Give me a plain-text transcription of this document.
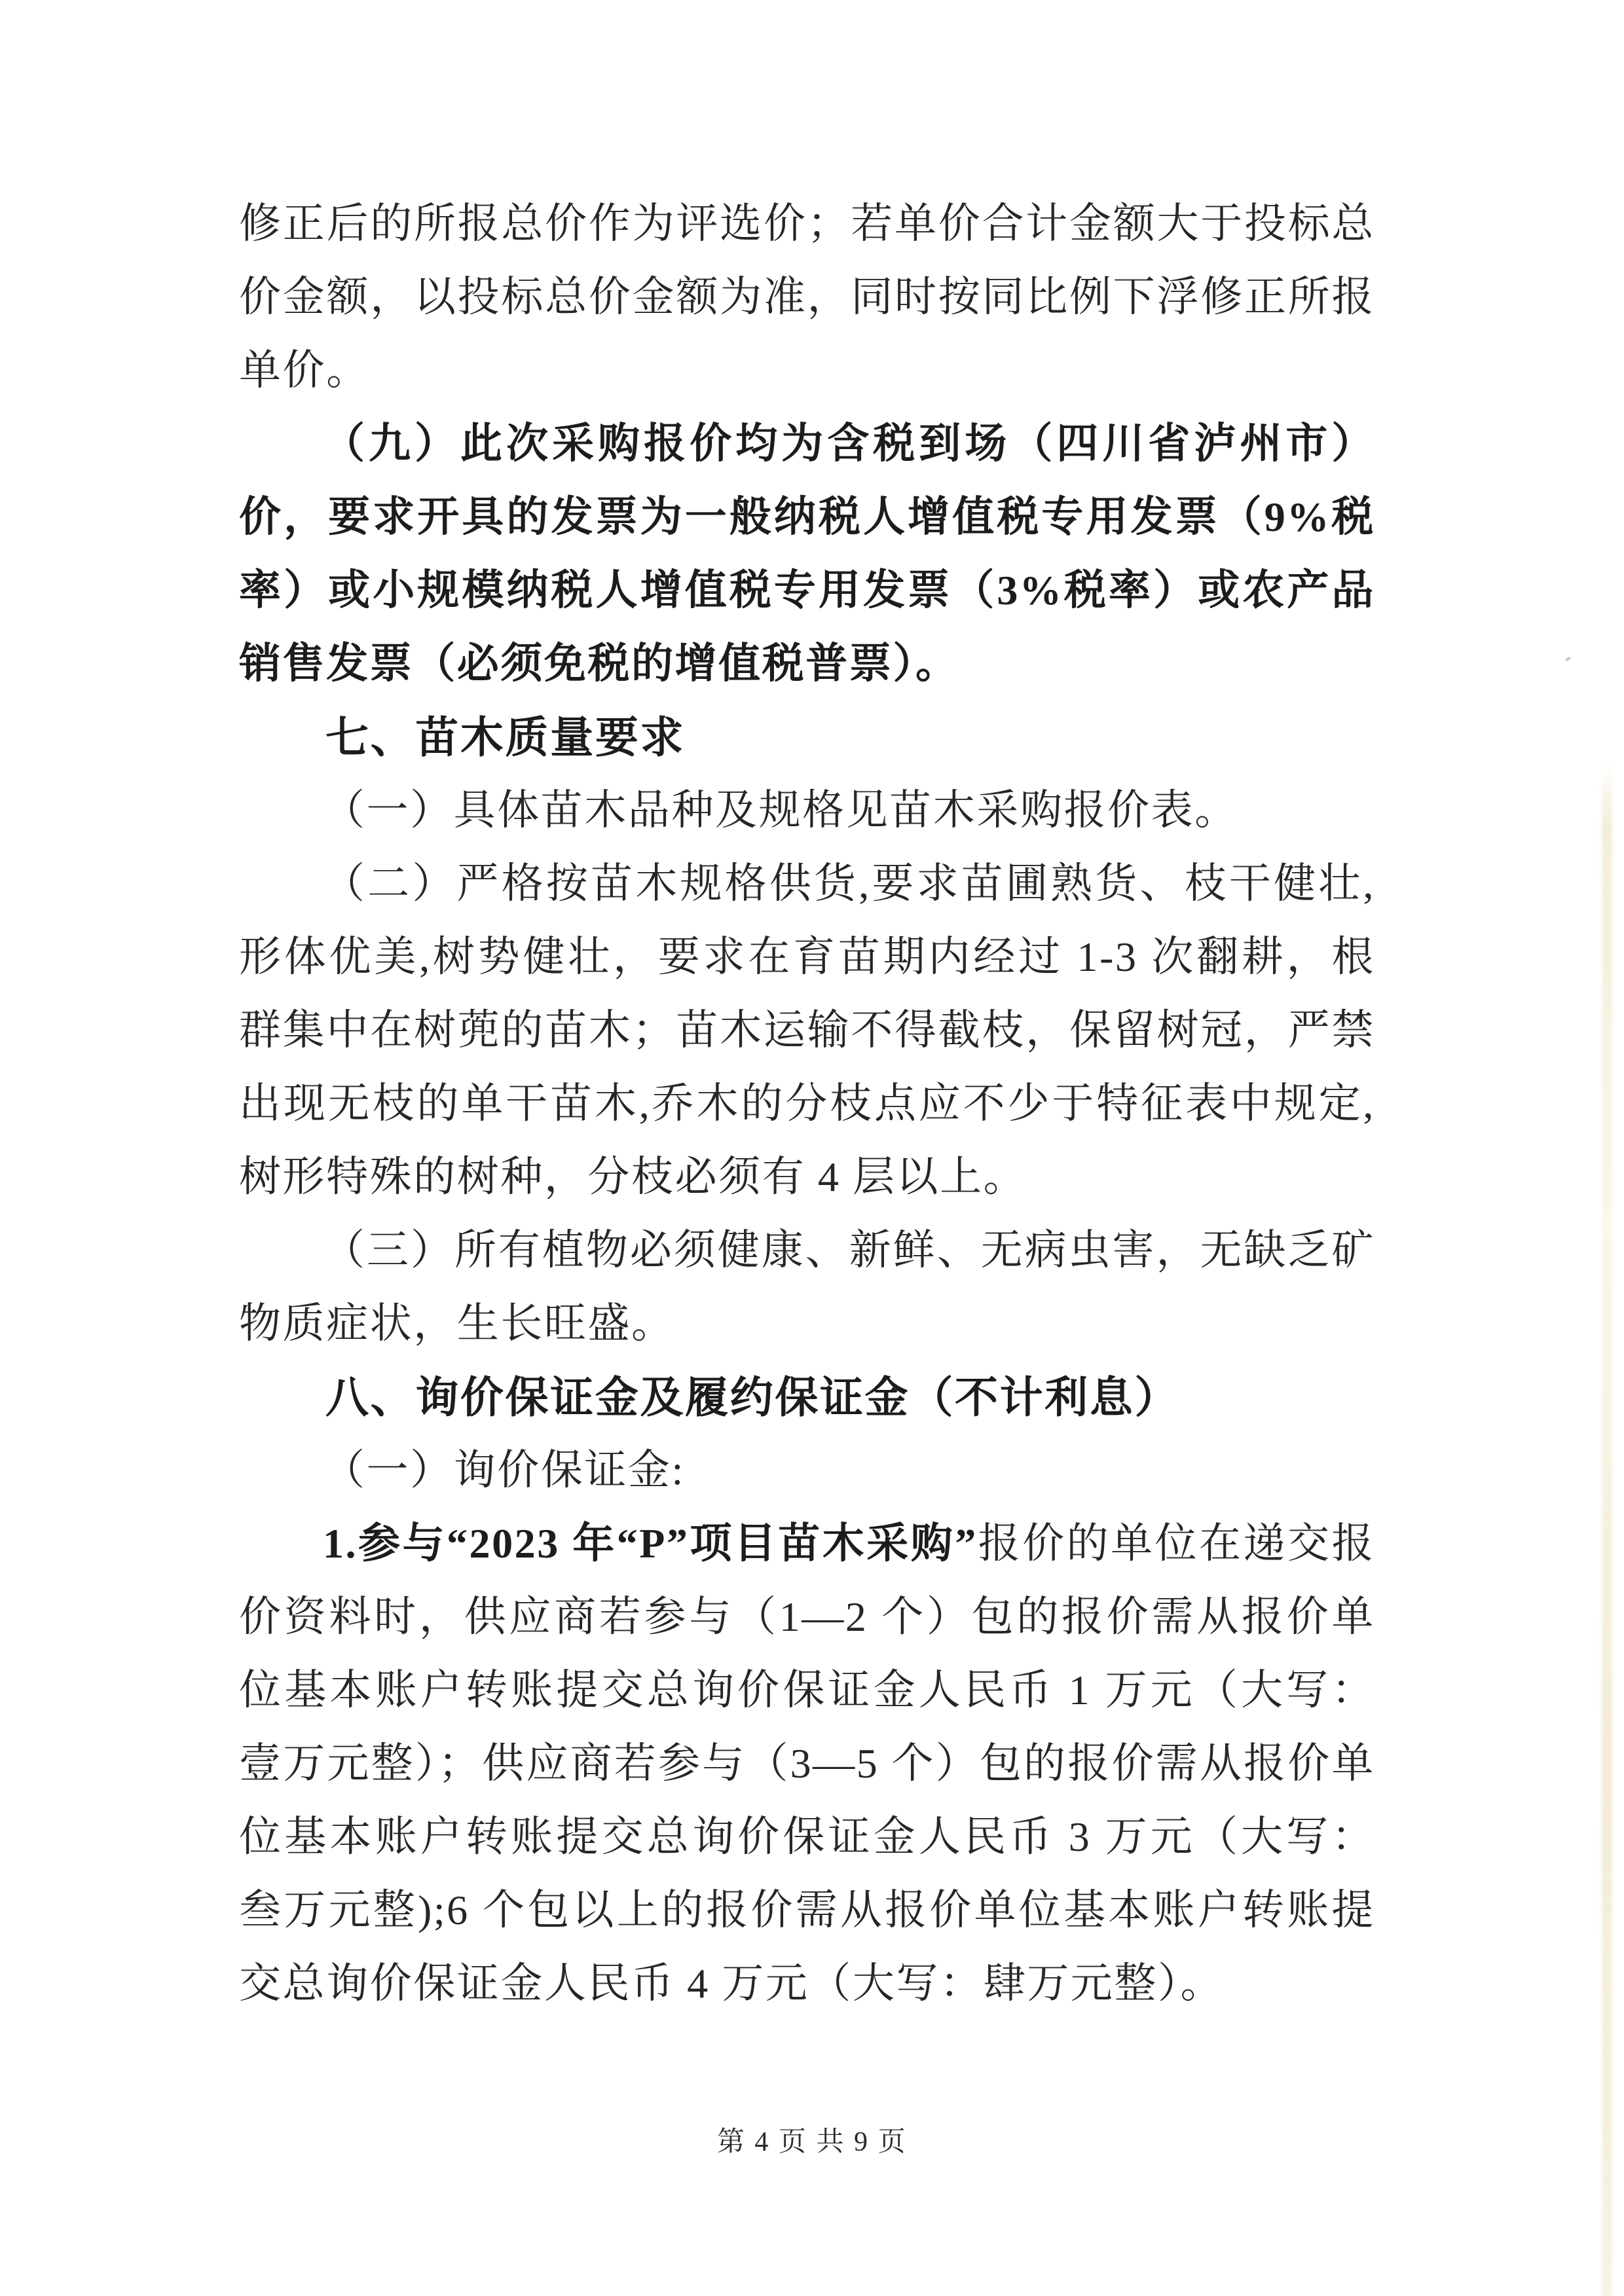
修正后的所报总价作为评选价；若单价合计金额大于投标总价金额，以投标总价金额为准，同时按同比例下浮修正所报单价。

（九）此次采购报价均为含税到场（四川省泸州市）价，要求开具的发票为一般纳税人增值税专用发票（9%税率）或小规模纳税人增值税专用发票（3%税率）或农产品销售发票（必须免税的增值税普票）。

七、苗木质量要求

（一）具体苗木品种及规格见苗木采购报价表。

（二）严格按苗木规格供货,要求苗圃熟货、枝干健壮,形体优美,树势健壮，要求在育苗期内经过 1-3 次翻耕，根群集中在树蔸的苗木；苗木运输不得截枝，保留树冠，严禁出现无枝的单干苗木,乔木的分枝点应不少于特征表中规定,树形特殊的树种，分枝必须有 4 层以上。

（三）所有植物必须健康、新鲜、无病虫害，无缺乏矿物质症状，生长旺盛。

八、询价保证金及履约保证金（不计利息）

（一）询价保证金:

1.参与“2023 年“P”项目苗木采购”报价的单位在递交报价资料时，供应商若参与（1—2 个）包的报价需从报价单位基本账户转账提交总询价保证金人民币 1 万元（大写：壹万元整）；供应商若参与（3—5 个）包的报价需从报价单位基本账户转账提交总询价保证金人民币 3 万元（大写：叁万元整);6 个包以上的报价需从报价单位基本账户转账提交总询价保证金人民币 4 万元（大写：肆万元整）。

第 4 页 共 9 页
